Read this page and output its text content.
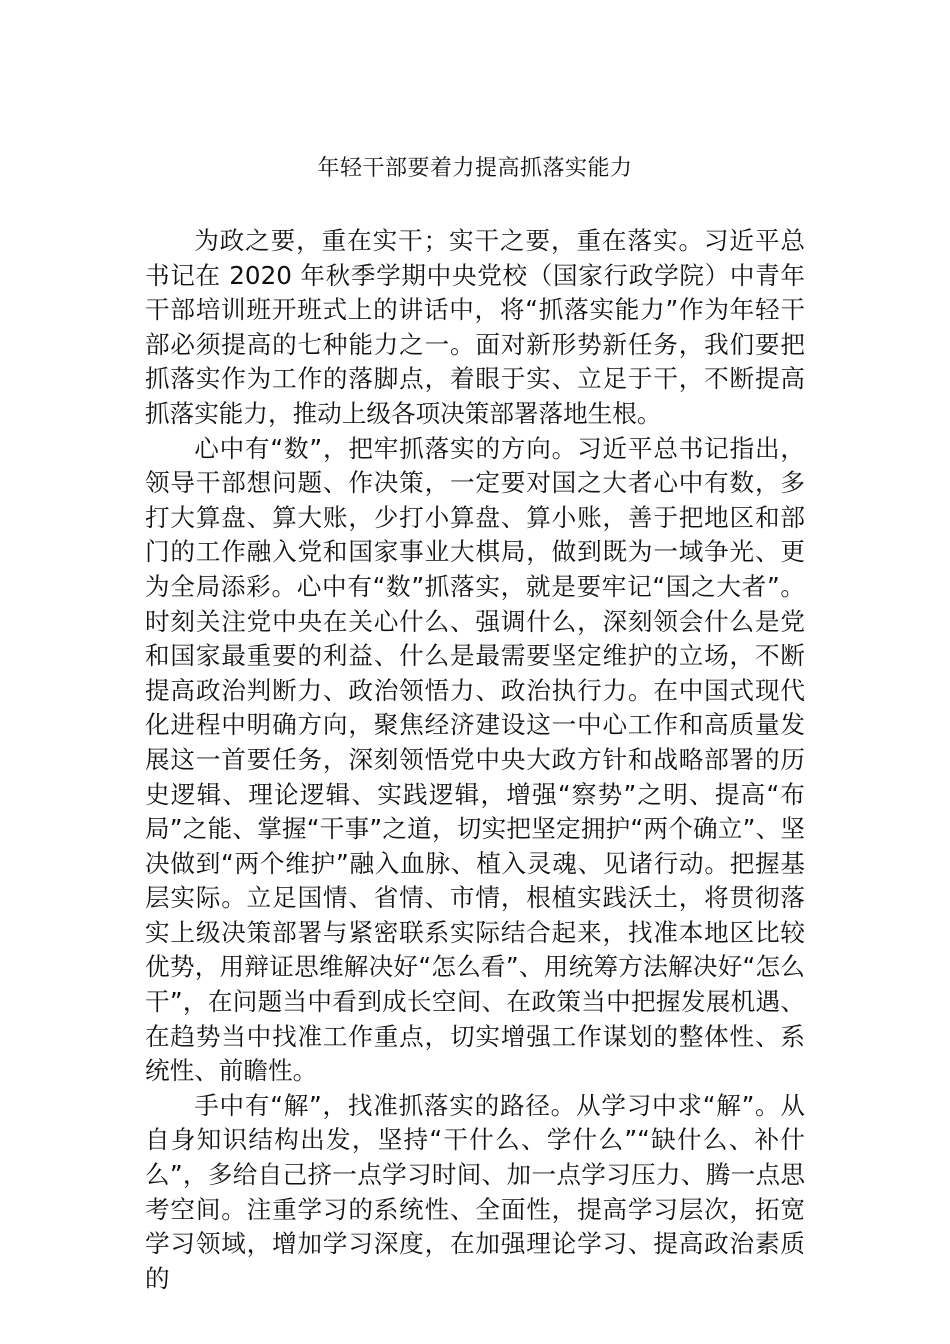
年轻干部要着力提高抓落实能力

为政之要，重在实干；实干之要，重在落实。习近平总书记在 2020 年秋季学期中央党校（国家行政学院）中青年干部培训班开班式上的讲话中，将“抓落实能力”作为年轻干部必须提高的七种能力之一。面对新形势新任务，我们要把抓落实作为工作的落脚点，着眼于实、立足于干，不断提高抓落实能力，推动上级各项决策部署落地生根。

心中有“数”，把牢抓落实的方向。习近平总书记指出，领导干部想问题、作决策，一定要对国之大者心中有数，多打大算盘、算大账，少打小算盘、算小账，善于把地区和部门的工作融入党和国家事业大棋局，做到既为一域争光、更为全局添彩。心中有“数”抓落实，就是要牢记“国之大者”。时刻关注党中央在关心什么、强调什么，深刻领会什么是党和国家最重要的利益、什么是最需要坚定维护的立场，不断提高政治判断力、政治领悟力、政治执行力。在中国式现代化进程中明确方向，聚焦经济建设这一中心工作和高质量发展这一首要任务，深刻领悟党中央大政方针和战略部署的历史逻辑、理论逻辑、实践逻辑，增强“察势”之明、提高“布局”之能、掌握“干事”之道，切实把坚定拥护“两个确立”、坚决做到“两个维护”融入血脉、植入灵魂、见诸行动。把握基层实际。立足国情、省情、市情，根植实践沃土，将贯彻落实上级决策部署与紧密联系实际结合起来，找准本地区比较优势，用辩证思维解决好“怎么看”、用统筹方法解决好“怎么干”，在问题当中看到成长空间、在政策当中把握发展机遇、在趋势当中找准工作重点，切实增强工作谋划的整体性、系统性、前瞻性。

手中有“解”，找准抓落实的路径。从学习中求“解”。从自身知识结构出发，坚持“干什么、学什么”“缺什么、补什么”，多给自己挤一点学习时间、加一点学习压力、腾一点思考空间。注重学习的系统性、全面性，提高学习层次，拓宽学习领域，增加学习深度，在加强理论学习、提高政治素质的
